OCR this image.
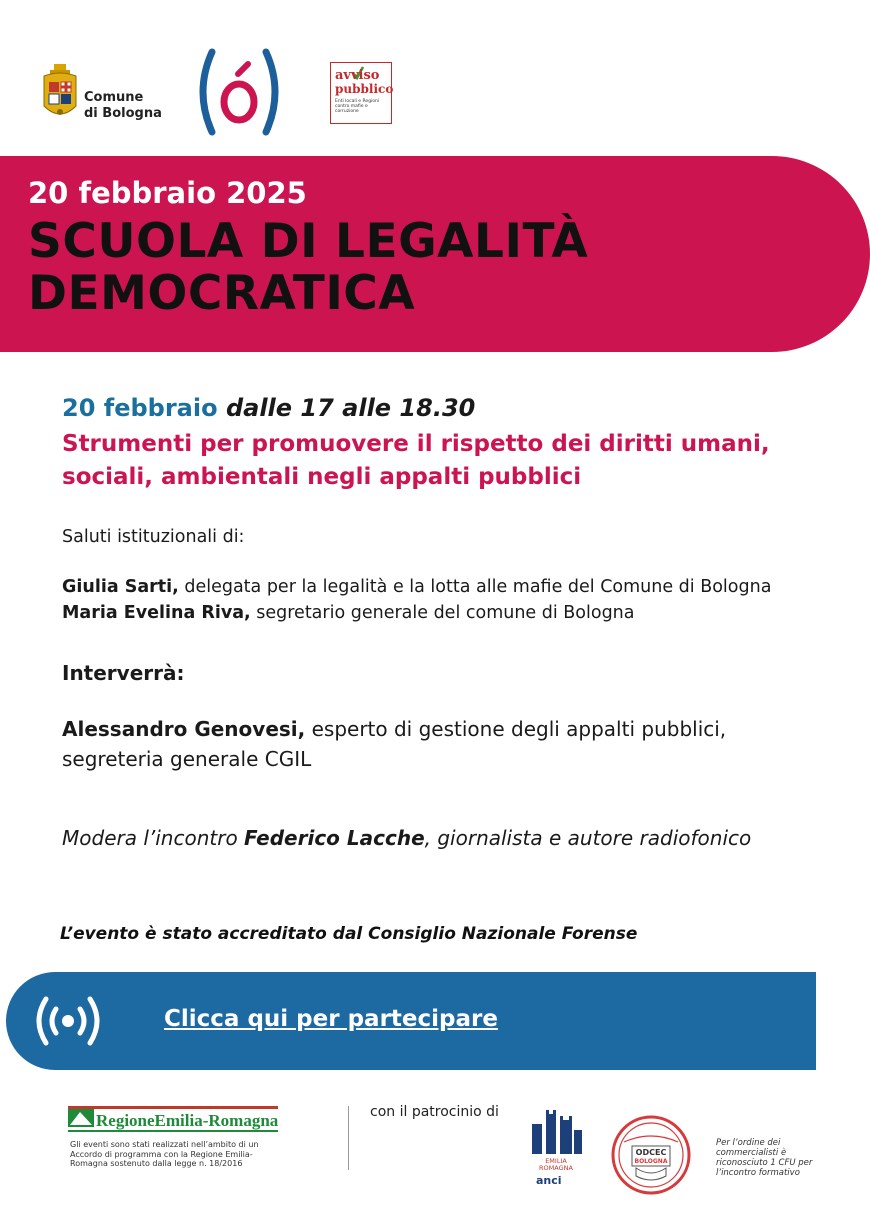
Comune
di Bologna
avviso
pubblico
Enti locali e Regioni contro mafie e corruzione
20 febbraio 2025
SCUOLA DI LEGALITÀ
DEMOCRATICA
20 febbraio dalle 17 alle 18.30
Strumenti per promuovere il rispetto dei diritti umani,
sociali, ambientali negli appalti pubblici
Saluti istituzionali di:
Giulia Sarti, delegata per la legalità e la lotta alle mafie del Comune di Bologna
Maria Evelina Riva, segretario generale del comune di Bologna
Interverrà:
Alessandro Genovesi, esperto di gestione degli appalti pubblici,
segreteria generale CGIL
Modera l’incontro Federico Lacche, giornalista e autore radiofonico
L’evento è stato accreditato dal Consiglio Nazionale Forense
Clicca qui per partecipare
RegioneEmilia-Romagna
Gli eventi sono stati realizzati nell’ambito di un Accordo di programma con la Regione Emilia-Romagna sostenuto dalla legge n. 18/2016
con il patrocinio di
EMILIA
ROMAGNA
anci
ODCEC
BOLOGNA
Per l’ordine dei commercialisti è riconosciuto 1 CFU per l’incontro formativo
